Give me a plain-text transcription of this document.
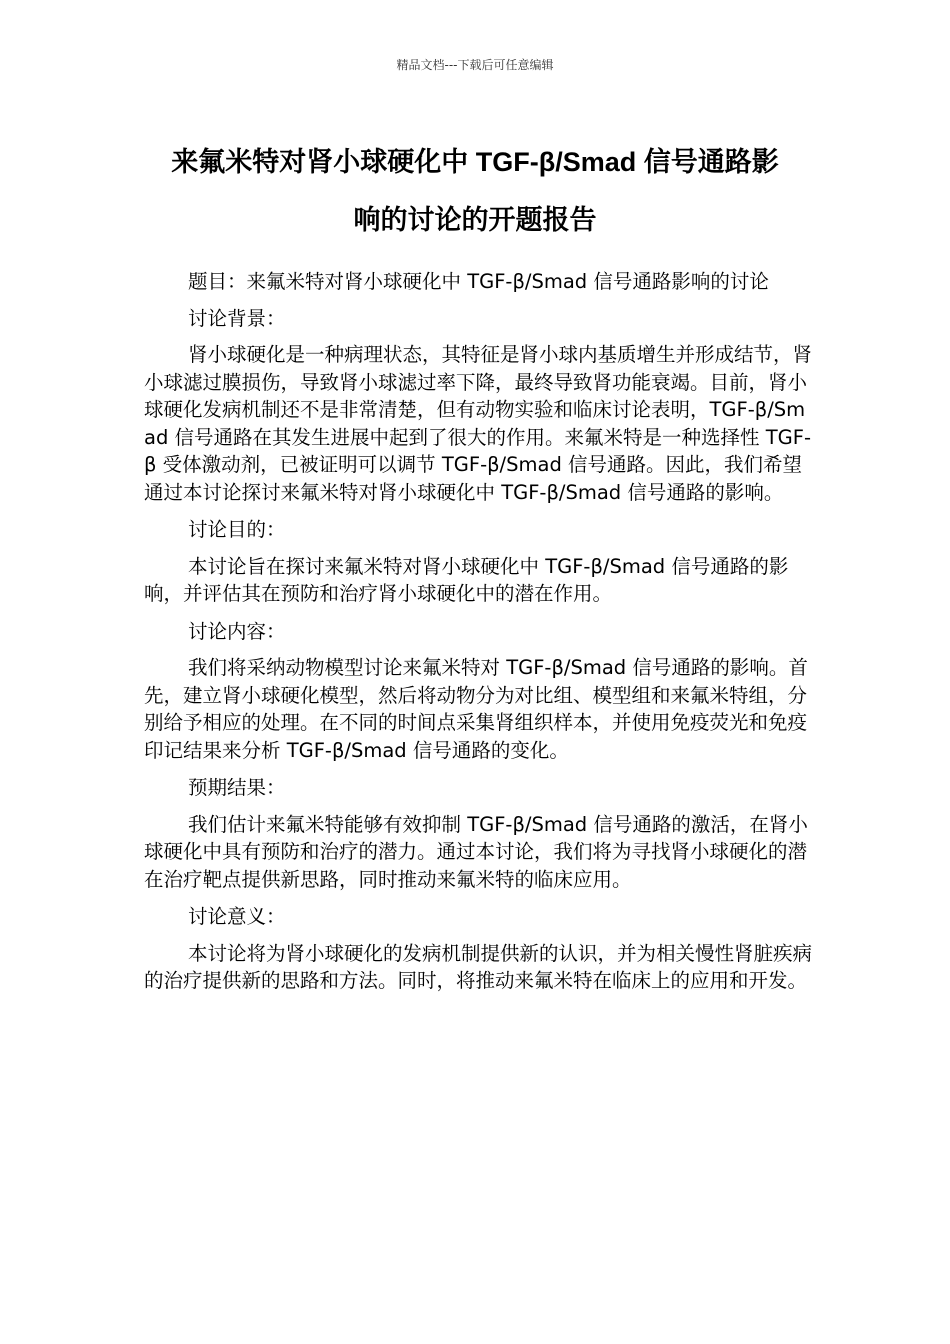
精品文档---下载后可任意编辑
来氟米特对肾小球硬化中 TGF-β/Smad 信号通路影
响的讨论的开题报告

题目：来氟米特对肾小球硬化中 TGF-β/Smad 信号通路影响的讨论

讨论背景：

肾小球硬化是一种病理状态，其特征是肾小球内基质增生并形成结节，肾小球滤过膜损伤，导致肾小球滤过率下降，最终导致肾功能衰竭。目前，肾小球硬化发病机制还不是非常清楚，但有动物实验和临床讨论表明，TGF-β/Smad 信号通路在其发生进展中起到了很大的作用。来氟米特是一种选择性 TGF-β 受体激动剂，已被证明可以调节 TGF-β/Smad 信号通路。因此，我们希望通过本讨论探讨来氟米特对肾小球硬化中 TGF-β/Smad 信号通路的影响。

讨论目的：

本讨论旨在探讨来氟米特对肾小球硬化中 TGF-β/Smad 信号通路的影响，并评估其在预防和治疗肾小球硬化中的潜在作用。

讨论内容：

我们将采纳动物模型讨论来氟米特对 TGF-β/Smad 信号通路的影响。首先，建立肾小球硬化模型，然后将动物分为对比组、模型组和来氟米特组，分别给予相应的处理。在不同的时间点采集肾组织样本，并使用免疫荧光和免疫印记结果来分析 TGF-β/Smad 信号通路的变化。

预期结果：

我们估计来氟米特能够有效抑制 TGF-β/Smad 信号通路的激活，在肾小球硬化中具有预防和治疗的潜力。通过本讨论，我们将为寻找肾小球硬化的潜在治疗靶点提供新思路，同时推动来氟米特的临床应用。

讨论意义：

本讨论将为肾小球硬化的发病机制提供新的认识，并为相关慢性肾脏疾病的治疗提供新的思路和方法。同时，将推动来氟米特在临床上的应用和开发。
